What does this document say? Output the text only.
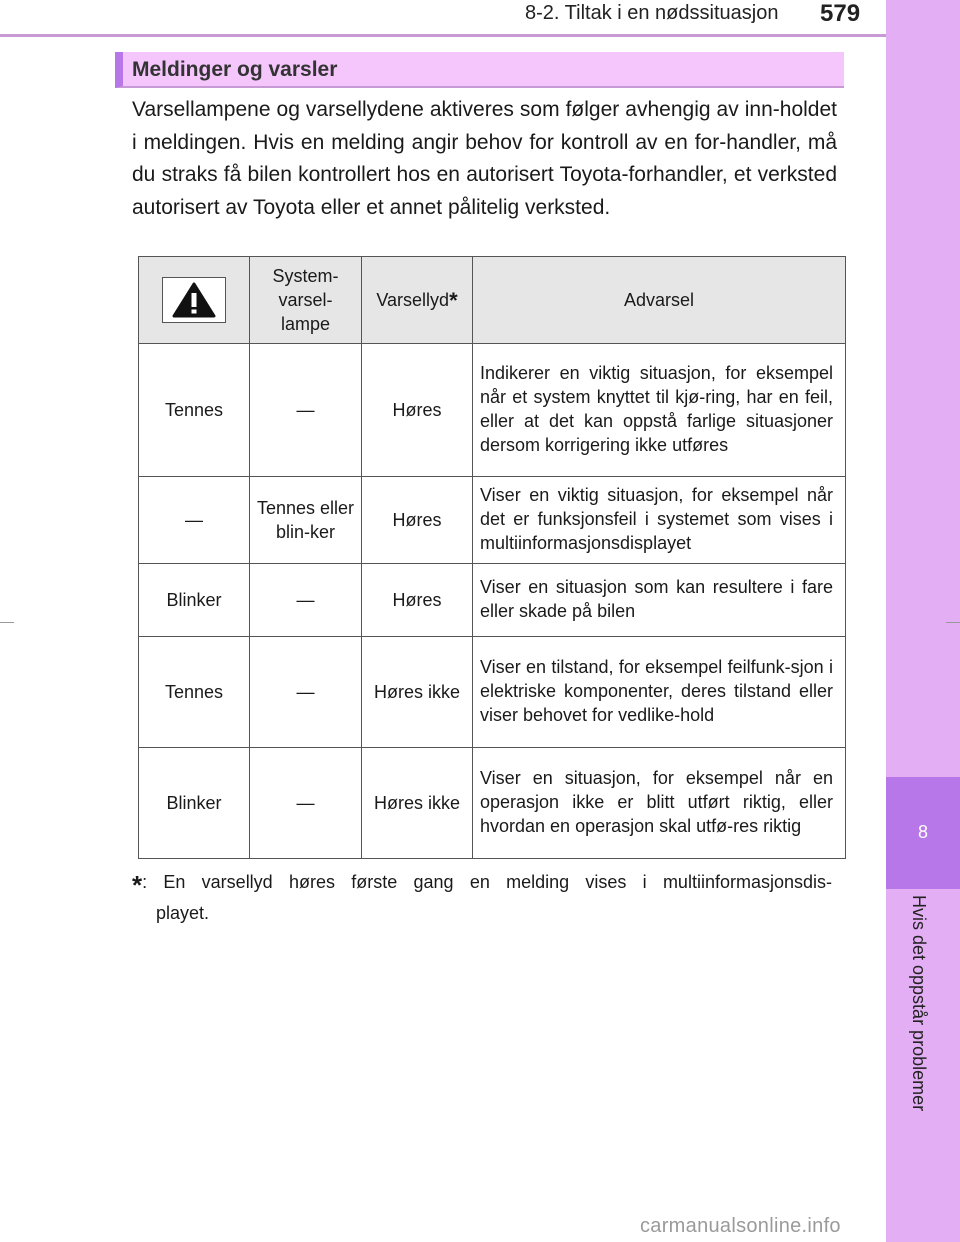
8-2. Tiltak i en nødssituasjon 579
8
Hvis det oppstår problemer
Meldinger og varsler

Varsellampene og varsellydene aktiveres som følger avhengig av inn-holdet i meldingen. Hvis en melding angir behov for kontroll av en for-handler, må du straks få bilen kontrollert hos en autorisert Toyota-forhandler, et verksted autorisert av Toyota eller et annet pålitelig verksted.

	System-varsel-lampe	Varsellyd*	Advarsel
Tennes	—	Høres	Indikerer en viktig situasjon, for eksempel når et system knyttet til kjø-ring, har en feil, eller at det kan oppstå farlige situasjoner dersom korrigering ikke utføres
—	Tennes eller blin-ker	Høres	Viser en viktig situasjon, for eksempel når det er funksjonsfeil i systemet som vises i multiinformasjonsdisplayet
Blinker	—	Høres	Viser en situasjon som kan resultere i fare eller skade på bilen
Tennes	—	Høres ikke	Viser en tilstand, for eksempel feilfunk-sjon i elektriske komponenter, deres tilstand eller viser behovet for vedlike-hold
Blinker	—	Høres ikke	Viser en situasjon, for eksempel når en operasjon ikke er blitt utført riktig, eller hvordan en operasjon skal utfø-res riktig
*: En varsellyd høres første gang en melding vises i multiinformasjonsdis-
playet.
carmanualsonline.info
